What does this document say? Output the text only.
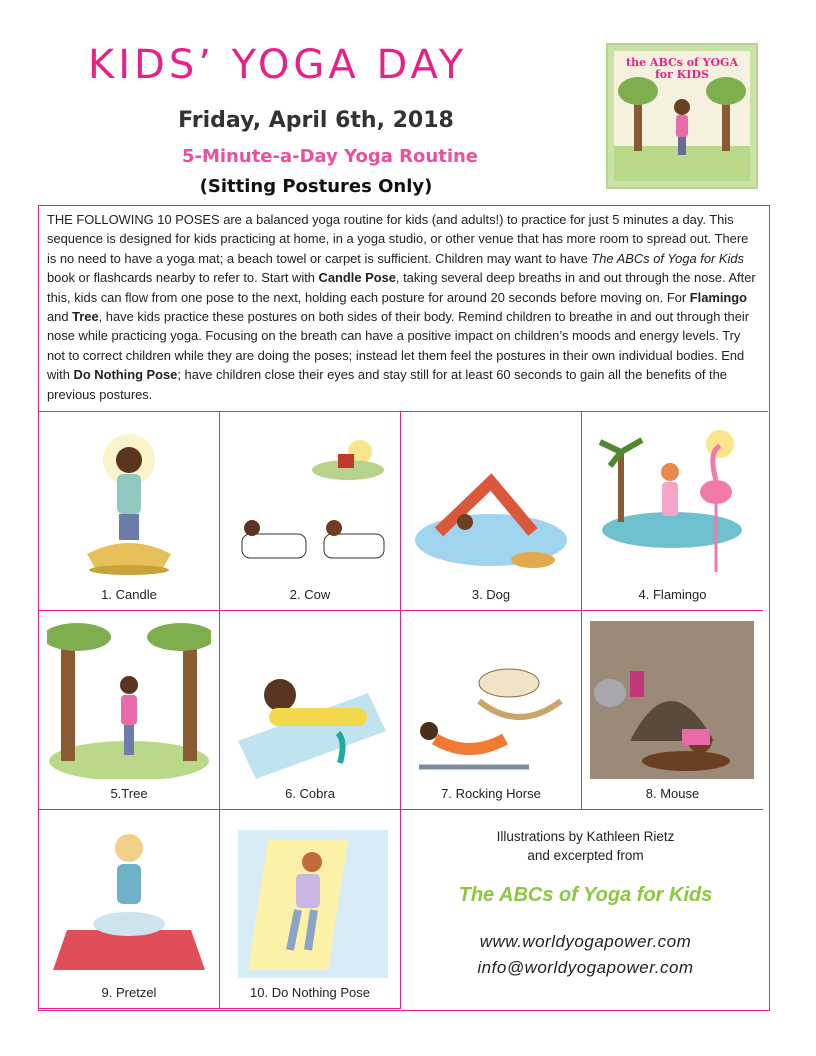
KIDS’ YOGA DAY
Friday, April 6th, 2018
5-Minute-a-Day Yoga Routine
(Sitting Postures Only)
the ABCs of YOGA
for KIDS
THE FOLLOWING 10 POSES are a balanced yoga routine for kids (and adults!) to practice for just 5 minutes a day. This sequence is designed for kids practicing at home, in a yoga studio, or other venue that has more room to spread out. There is no need to have a yoga mat; a beach towel or carpet is sufficient. Children may want to have The ABCs of Yoga for Kids book or flashcards nearby to refer to. Start with Candle Pose, taking several deep breaths in and out through the nose. After this, kids can flow from one pose to the next, holding each posture for around 20 seconds before moving on. For Flamingo and Tree, have kids practice these postures on both sides of their body. Remind children to breathe in and out through their nose while practicing yoga. Focusing on the breath can have a positive impact on children’s moods and energy levels. Try not to correct children while they are doing the poses; instead let them feel the postures in their own individual bodies. End with Do Nothing Pose; have children close their eyes and stay still for at least 60 seconds to gain all the benefits of the previous postures.
1. Candle	2. Cow	3. Dog	4. Flamingo
5.Tree	6. Cobra	7. Rocking Horse	8. Mouse
9. Pretzel	10. Do Nothing Pose
Illustrations by Kathleen Rietz
and excerpted from
The ABCs of Yoga for Kids
www.worldyogapower.com
info@worldyogapower.com
